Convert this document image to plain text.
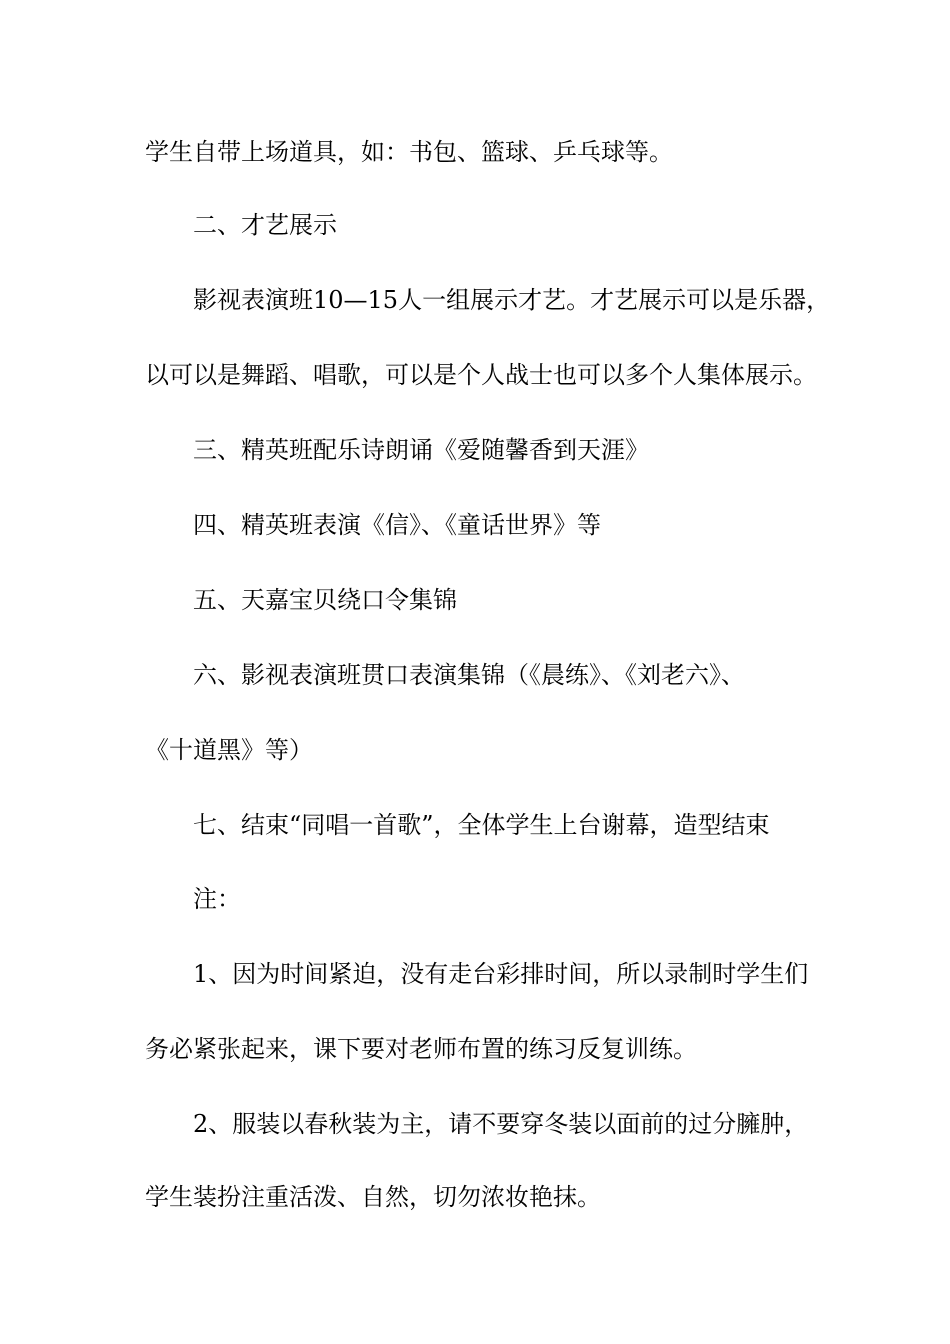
学生自带上场道具，如：书包、篮球、乒乓球等。

二、才艺展示

影视表演班10—15人一组展示才艺。才艺展示可以是乐器，

以可以是舞蹈、唱歌，可以是个人战士也可以多个人集体展示。

三、精英班配乐诗朗诵《爱随馨香到天涯》

四、精英班表演《信》、《童话世界》等

五、天嘉宝贝绕口令集锦

六、影视表演班贯口表演集锦（《晨练》、《刘老六》、

《十道黑》等）

七、结束“同唱一首歌”，全体学生上台谢幕，造型结束

注：

1、因为时间紧迫，没有走台彩排时间，所以录制时学生们

务必紧张起来，课下要对老师布置的练习反复训练。

2、服装以春秋装为主，请不要穿冬装以面前的过分臃肿，

学生装扮注重活泼、自然，切勿浓妆艳抹。
